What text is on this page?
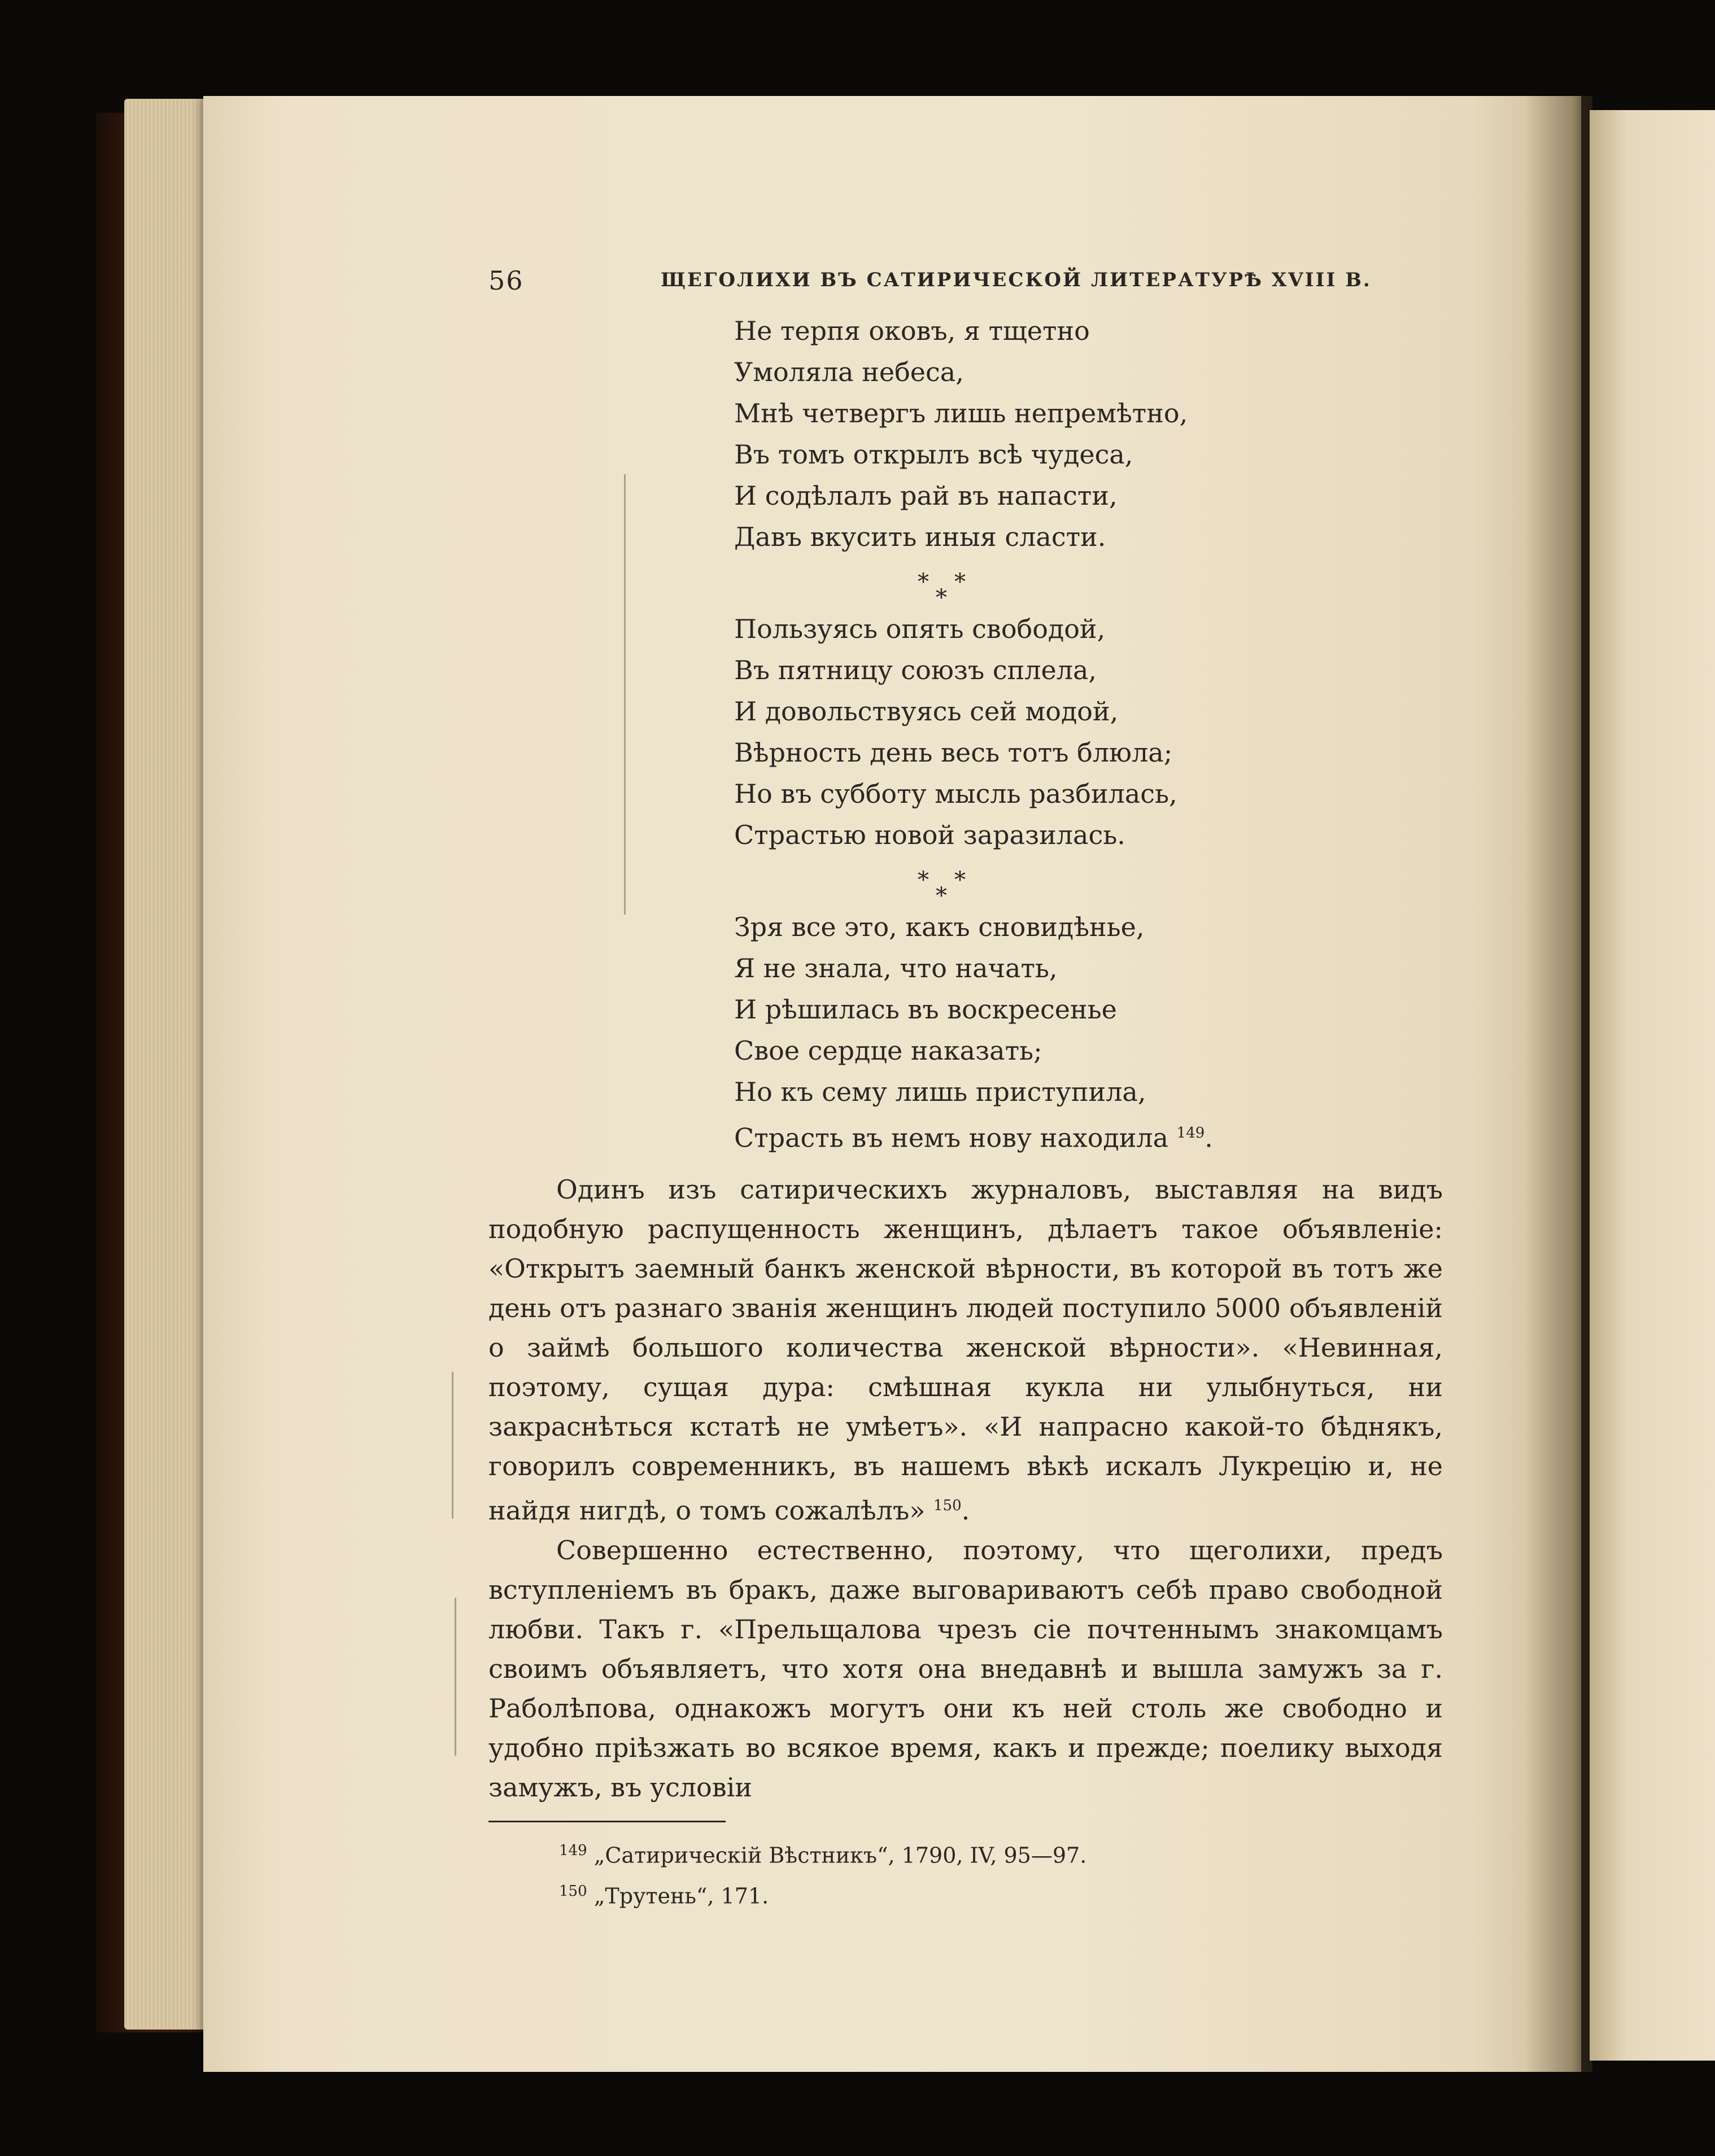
56	ЩЕГОЛИХИ ВЪ САТИРИЧЕСКОЙ ЛИТЕРАТУРѢ XVIII В.
Не терпя оковъ, я тщетно
Умоляла небеса,
Мнѣ четвергъ лишь непремѣтно,
Въ томъ открылъ всѣ чудеса,
И содѣлалъ рай въ напасти,
Давъ вкусить иныя сласти.
* *
*
Пользуясь опять свободой,
Въ пятницу союзъ сплела,
И довольствуясь сей модой,
Вѣрность день весь тотъ блюла;
Но въ субботу мысль разбилась,
Страстью новой заразилась.
* *
*
Зря все это, какъ сновидѣнье,
Я не знала, что начать,
И рѣшилась въ воскресенье
Свое сердце наказать;
Но къ сему лишь приступила,
Страсть въ немъ нову находила $^{149}$.

Одинъ изъ сатирическихъ журналовъ, выставляя на видъ подобную распущенность женщинъ, дѣлаетъ такое объявленіе: «Открытъ заемный банкъ женской вѣрности, въ которой въ тотъ же день отъ разнаго званія женщинъ людей поступило 5000 объявленій о займѣ большого количества женской вѣрности». «Невинная, поэтому, сущая дура: смѣшная кукла ни улыбнуться, ни закраснѣться кстатѣ не умѣетъ». «И напрасно какой-то бѣднякъ, говорилъ современникъ, въ нашемъ вѣкѣ искалъ Лукрецію и, не найдя нигдѣ, о томъ сожалѣлъ» $^{150}$.

Совершенно естественно, поэтому, что щеголихи, предъ вступленіемъ въ бракъ, даже выговариваютъ себѣ право свободной любви. Такъ г. «Прельщалова чрезъ сіе почтеннымъ знакомцамъ своимъ объявляетъ, что хотя она внедавнѣ и вышла замужъ за г. Раболѣпова, однакожъ могутъ они къ ней столь же свободно и удобно пріѣзжать во всякое время, какъ и прежде; поелику выходя замужъ, въ условіи

$^{149}$ „Сатирическій Вѣстникъ“, 1790, IV, 95—97.
$^{150}$ „Трутень“, 171.
